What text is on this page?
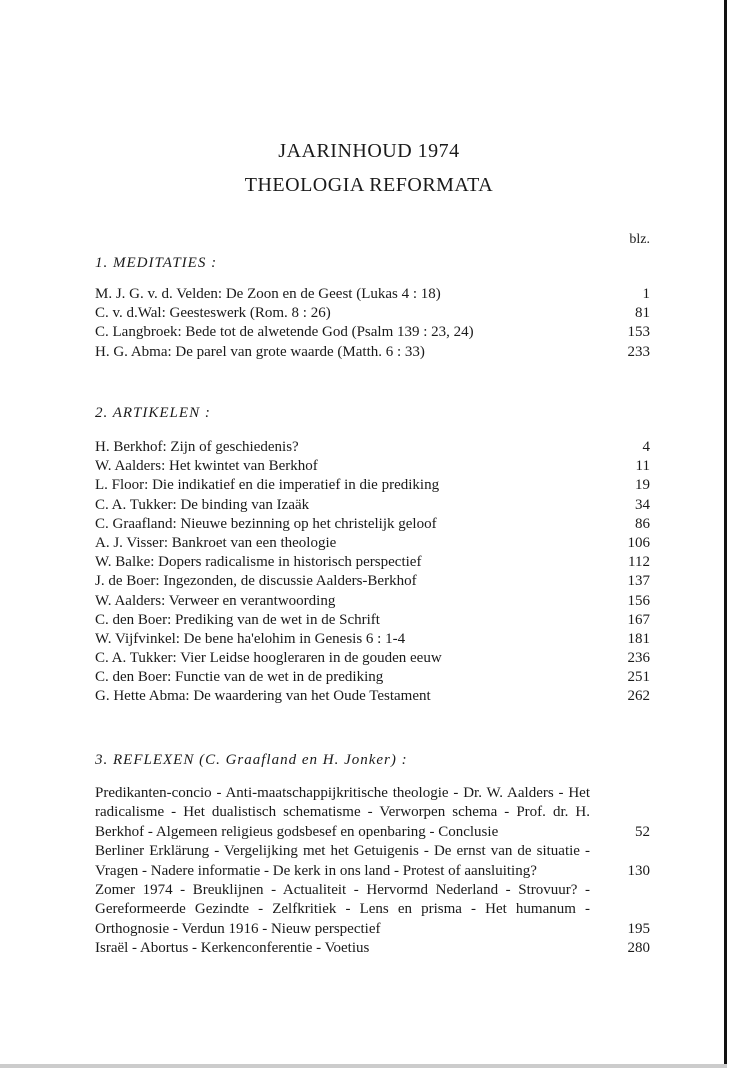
JAARINHOUD 1974
THEOLOGIA REFORMATA
blz.
1. MEDITATIES :
M. J. G. v. d. Velden: De Zoon en de Geest (Lukas 4 : 18)	1
C. v. d.Wal: Geesteswerk (Rom. 8 : 26)	81
C. Langbroek: Bede tot de alwetende God (Psalm 139 : 23, 24)	153
H. G. Abma: De parel van grote waarde (Matth. 6 : 33)	233
2. ARTIKELEN :
H. Berkhof: Zijn of geschiedenis?	4
W. Aalders: Het kwintet van Berkhof	11
L. Floor: Die indikatief en die imperatief in die prediking	19
C. A. Tukker: De binding van Izaäk	34
C. Graafland: Nieuwe bezinning op het christelijk geloof	86
A. J. Visser: Bankroet van een theologie	106
W. Balke: Dopers radicalisme in historisch perspectief	112
J. de Boer: Ingezonden, de discussie Aalders-Berkhof	137
W. Aalders: Verweer en verantwoording	156
C. den Boer: Prediking van de wet in de Schrift	167
W. Vijfvinkel: De bene ha'elohim in Genesis 6 : 1-4	181
C. A. Tukker: Vier Leidse hoogleraren in de gouden eeuw	236
C. den Boer: Functie van de wet in de prediking	251
G. Hette Abma: De waardering van het Oude Testament	262
3. REFLEXEN (C. Graafland en H. Jonker) :
Predikanten-concio - Anti-maatschappijkritische theologie - Dr. W. Aalders - Het radicalisme - Het dualistisch schematisme - Verworpen schema - Prof. dr. H. Berkhof - Algemeen religieus godsbesef en openbaring - Conclusie	52
Berliner Erklärung - Vergelijking met het Getuigenis - De ernst van de situatie - Vragen - Nadere informatie - De kerk in ons land - Protest of aansluiting?	130
Zomer 1974 - Breuklijnen - Actualiteit - Hervormd Nederland - Strovuur? - Gereformeerde Gezindte - Zelfkritiek - Lens en prisma - Het humanum - Orthognosie - Verdun 1916 - Nieuw perspectief	195
Israël - Abortus - Kerkenconferentie - Voetius	280
